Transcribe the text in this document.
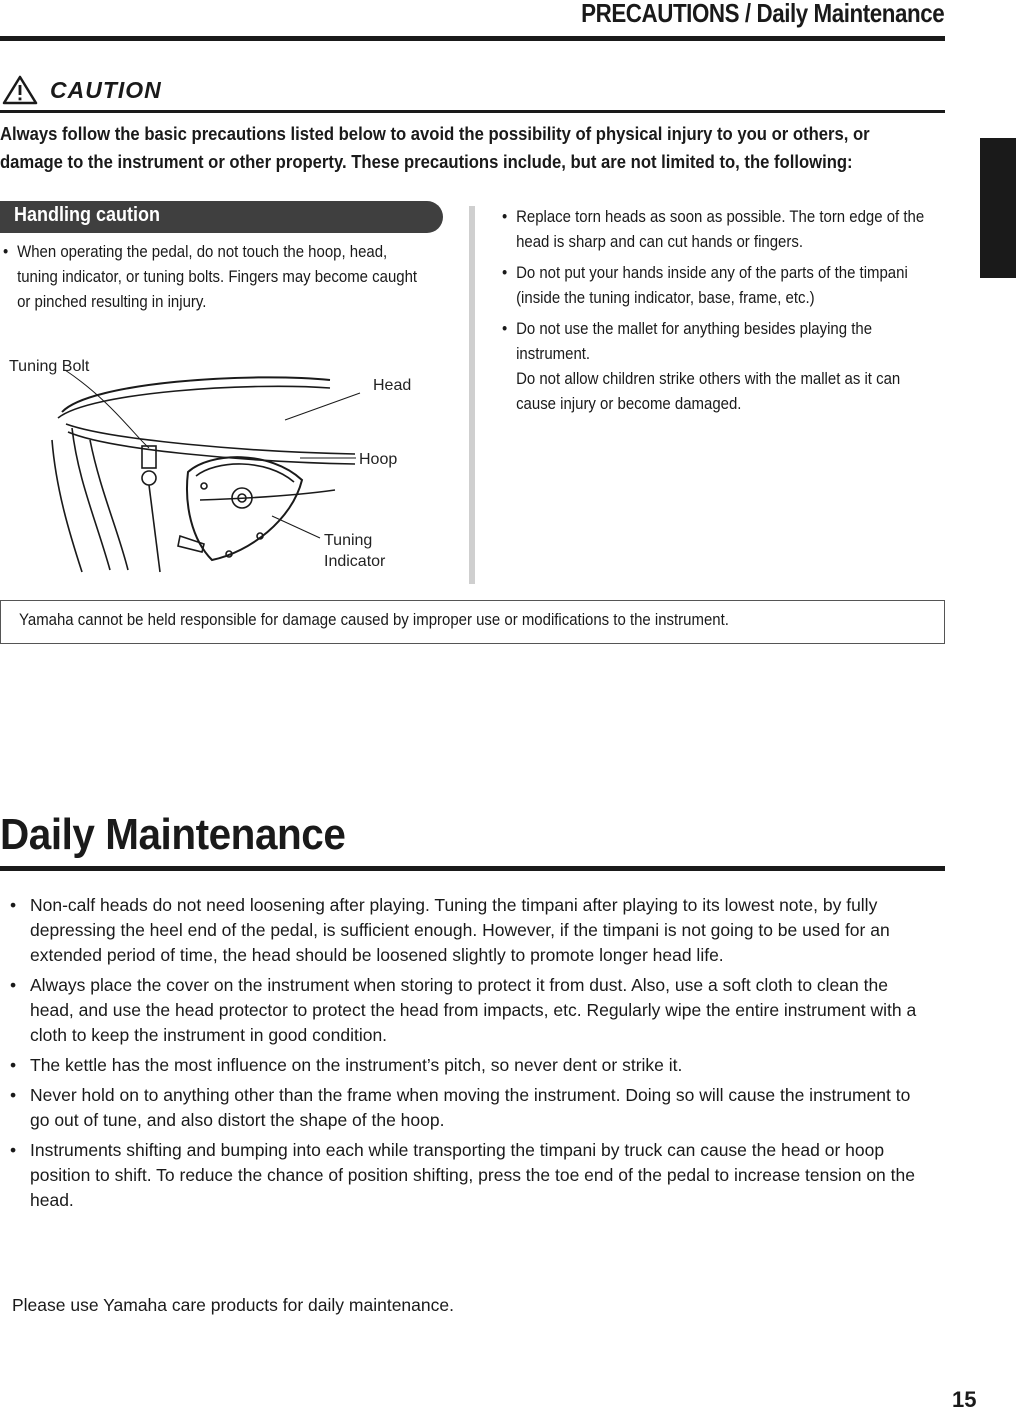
PRECAUTIONS / Daily Maintenance
CAUTION

Always follow the basic precautions listed below to avoid the possibility of physical injury to you or others, or damage to the instrument or other property. These precautions include, but are not limited to, the following:

Handling caution
• When operating the pedal, do not touch the hoop, head, tuning indicator, or tuning bolts. Fingers may become caught or pinched resulting in injury.
Tuning Bolt
Head
Hoop
Tuning
Indicator
• Replace torn heads as soon as possible. The torn edge of the head is sharp and can cut hands or fingers.
• Do not put your hands inside any of the parts of the timpani (inside the tuning indicator, base, frame, etc.)
• Do not use the mallet for anything besides playing the instrument.
Do not allow children strike others with the mallet as it can cause injury or become damaged.
Yamaha cannot be held responsible for damage caused by improper use or modifications to the instrument.
Daily Maintenance
• Non-calf heads do not need loosening after playing. Tuning the timpani after playing to its lowest note, by fully depressing the heel end of the pedal, is sufficient enough. However, if the timpani is not going to be used for an extended period of time, the head should be loosened slightly to promote longer head life.
• Always place the cover on the instrument when storing to protect it from dust. Also, use a soft cloth to clean the head, and use the head protector to protect the head from impacts, etc. Regularly wipe the entire instrument with a cloth to keep the instrument in good condition.
• The kettle has the most influence on the instrument’s pitch, so never dent or strike it.
• Never hold on to anything other than the frame when moving the instrument. Doing so will cause the instrument to go out of tune, and also distort the shape of the hoop.
• Instruments shifting and bumping into each while transporting the timpani by truck can cause the head or hoop position to shift. To reduce the chance of position shifting, press the toe end of the pedal to increase tension on the head.
Please use Yamaha care products for daily maintenance.
15
